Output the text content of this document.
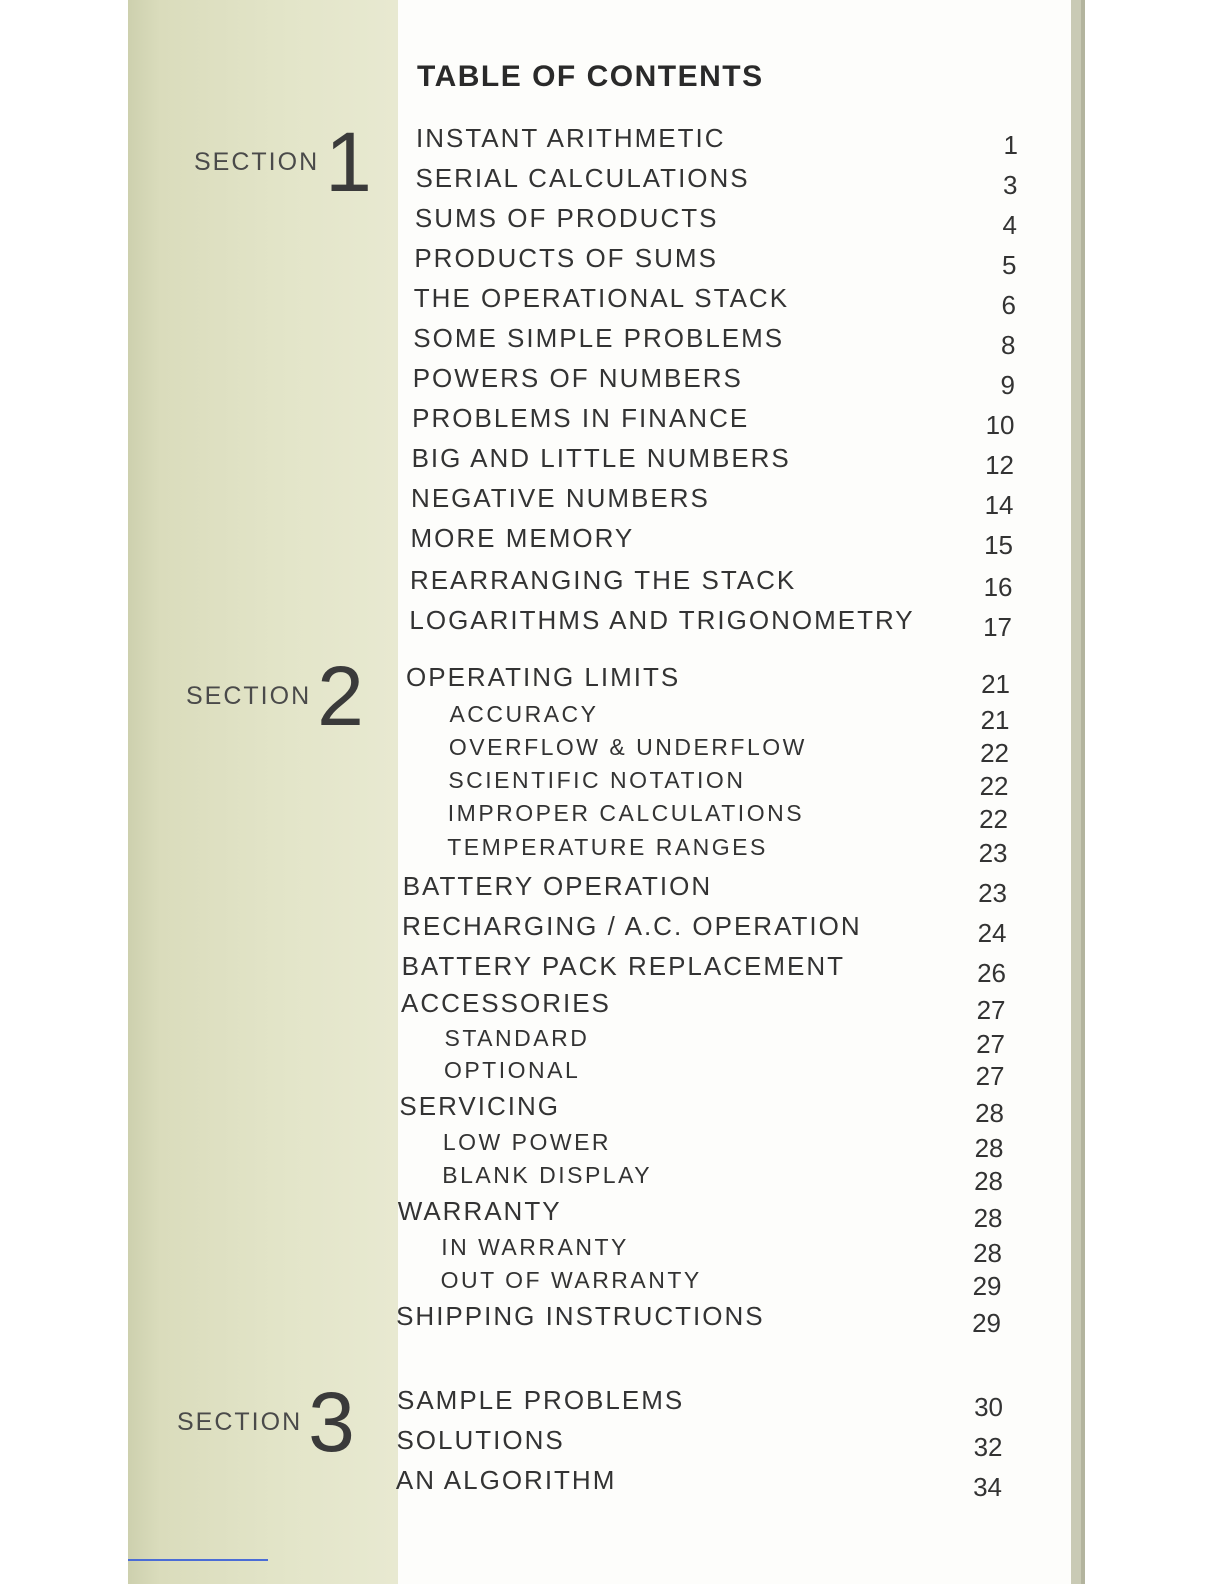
TABLE OF CONTENTS
SECTION 1
SECTION 2
SECTION 3
INSTANT ARITHMETIC	1
SERIAL CALCULATIONS	3
SUMS OF PRODUCTS	4
PRODUCTS OF SUMS	5
THE OPERATIONAL STACK	6
SOME SIMPLE PROBLEMS	8
POWERS OF NUMBERS	9
PROBLEMS IN FINANCE	10
BIG AND LITTLE NUMBERS	12
NEGATIVE NUMBERS	14
MORE MEMORY	15
REARRANGING THE STACK	16
LOGARITHMS AND TRIGONOMETRY	17
OPERATING LIMITS	21
ACCURACY	21
OVERFLOW & UNDERFLOW	22
SCIENTIFIC NOTATION	22
IMPROPER CALCULATIONS	22
TEMPERATURE RANGES	23
BATTERY OPERATION	23
RECHARGING / A.C. OPERATION	24
BATTERY PACK REPLACEMENT	26
ACCESSORIES	27
STANDARD	27
OPTIONAL	27
SERVICING	28
LOW POWER	28
BLANK DISPLAY	28
WARRANTY	28
IN WARRANTY	28
OUT OF WARRANTY	29
SHIPPING INSTRUCTIONS	29
SAMPLE PROBLEMS	30
SOLUTIONS	32
AN ALGORITHM	34
